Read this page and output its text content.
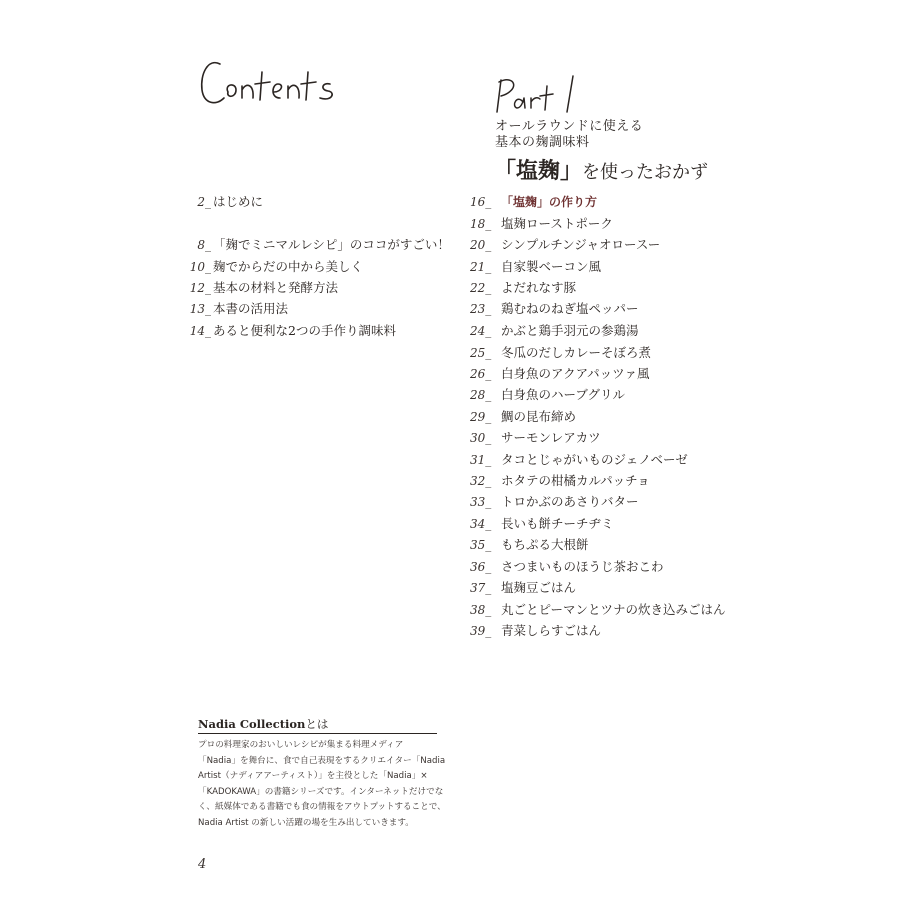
オールラウンドに使える
基本の麹調味料
「塩麹」を使ったおかず
2_ はじめに
8_ 「麹でミニマルレシピ」のココがすごい！
10_ 麹でからだの中から美しく
12_ 基本の材料と発酵方法
13_ 本書の活用法
14_ あると便利な2つの手作り調味料
16_ 「塩麹」の作り方
18_ 塩麹ローストポーク
20_ シンプルチンジャオロースー
21_ 自家製ベーコン風
22_ よだれなす豚
23_ 鶏むねのねぎ塩ペッパー
24_ かぶと鶏手羽元の参鶏湯
25_ 冬瓜のだしカレーそぼろ煮
26_ 白身魚のアクアパッツァ風
28_ 白身魚のハーブグリル
29_ 鯛の昆布締め
30_ サーモンレアカツ
31_ タコとじゃがいものジェノベーゼ
32_ ホタテの柑橘カルパッチョ
33_ トロかぶのあさりバター
34_ 長いも餅チーチヂミ
35_ もちぷる大根餅
36_ さつまいものほうじ茶おこわ
37_ 塩麹豆ごはん
38_ 丸ごとピーマンとツナの炊き込みごはん
39_ 青菜しらすごはん
Nadia Collectionとは
プロの料理家のおいしいレシピが集まる料理メディア
「Nadia」を舞台に、食で自己表現をするクリエイター「Nadia
Artist（ナディアアーティスト）」を主役とした「Nadia」×
「KADOKAWA」の書籍シリーズです。インターネットだけでな
く、紙媒体である書籍でも食の情報をアウトプットすることで、
Nadia Artist の新しい活躍の場を生み出していきます。
4
